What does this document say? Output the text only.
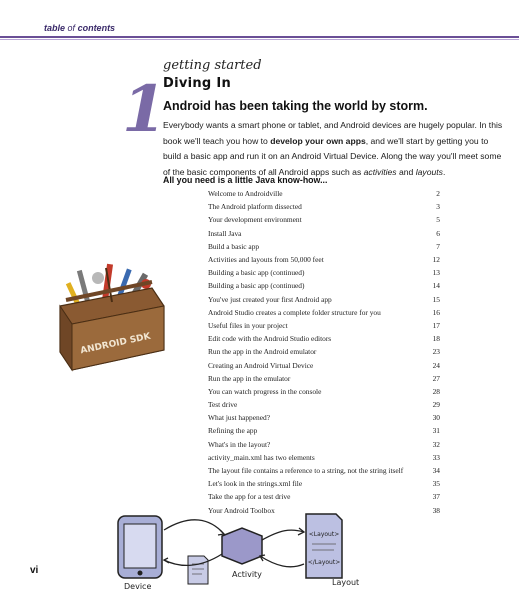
table of contents
1
getting started
Diving In
Android has been taking the world by storm.
Everybody wants a smart phone or tablet, and Android devices are hugely popular. In this book we'll teach you how to develop your own apps, and we'll start by getting you to build a basic app and run it on an Android Virtual Device. Along the way you'll meet some of the basic components of all Android apps such as activities and layouts.
All you need is a little Java know-how...
Welcome to Androidville	2
The Android platform dissected	3
Your development environment	5
Install Java	6
Build a basic app	7
Activities and layouts from 50,000 feet	12
Building a basic app (continued)	13
Building a basic app (continued)	14
You've just created your first Android app	15
Android Studio creates a complete folder structure for you	16
Useful files in your project	17
Edit code with the Android Studio editors	18
Run the app in the Android emulator	23
Creating an Android Virtual Device	24
Run the app in the emulator	27
You can watch progress in the console	28
Test drive	29
What just happened?	30
Refining the app	31
What's in the layout?	32
activity_main.xml has two elements	33
The layout file contains a reference to a string, not the string itself	34
Let's look in the strings.xml file	35
Take the app for a test drive	37
Your Android Toolbox	38
ANDROID SDK
<Layout>
</Layout>
Device
Activity
Layout
vi
